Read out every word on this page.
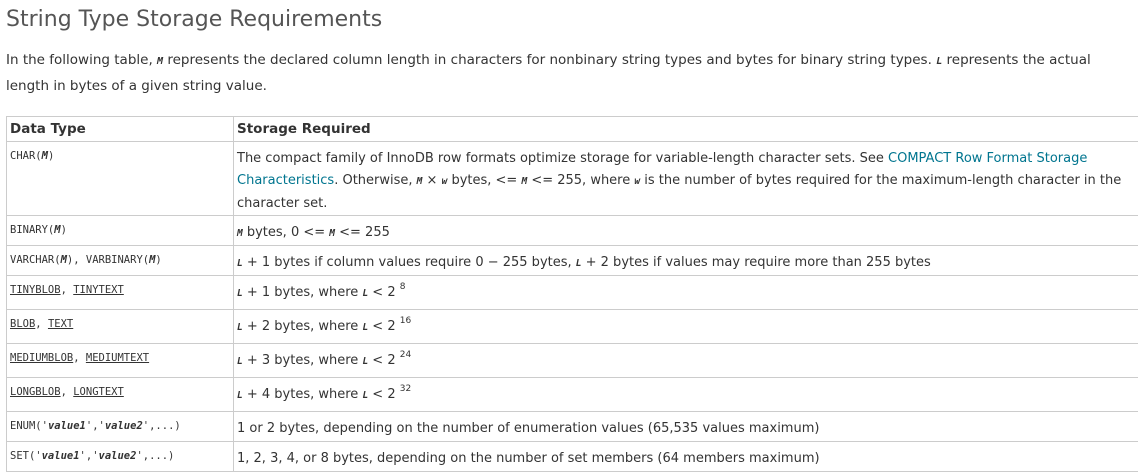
String Type Storage Requirements

In the following table, M represents the declared column length in characters for nonbinary string types and bytes for binary string types. L represents the actual length in bytes of a given string value.

Data Type	Storage Required
CHAR(M)	The compact family of InnoDB row formats optimize storage for variable-length character sets. See COMPACT Row Format Storage Characteristics. Otherwise, M × w bytes, <= M <= 255, where w is the number of bytes required for the maximum-length character in the character set.
BINARY(M)	M bytes, 0 <= M <= 255
VARCHAR(M), VARBINARY(M)	L + 1 bytes if column values require 0 − 255 bytes, L + 2 bytes if values may require more than 255 bytes
TINYBLOB, TINYTEXT	L + 1 bytes, where L < 2 $^8$
BLOB, TEXT	L + 2 bytes, where L < 2 $^{16}$
MEDIUMBLOB, MEDIUMTEXT	L + 3 bytes, where L < 2 $^{24}$
LONGBLOB, LONGTEXT	L + 4 bytes, where L < 2 $^{32}$
ENUM('value1','value2',...)	1 or 2 bytes, depending on the number of enumeration values (65,535 values maximum)
SET('value1','value2',...)	1, 2, 3, 4, or 8 bytes, depending on the number of set members (64 members maximum)
